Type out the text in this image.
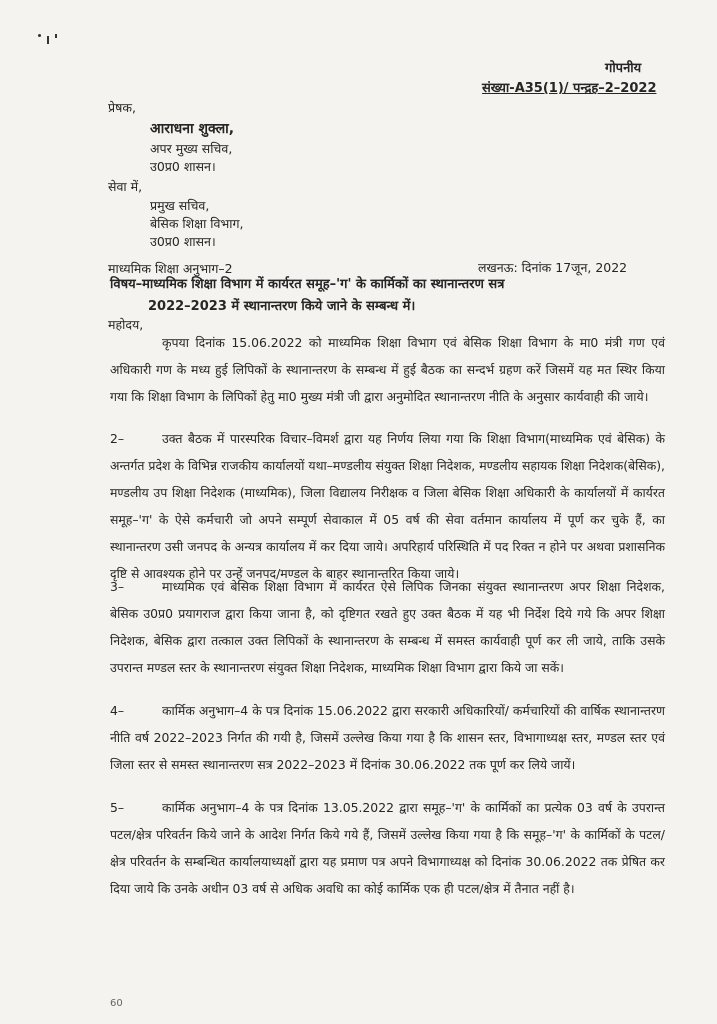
गोपनीय
संख्या-A35(1)/ पन्द्रह–2–2022
प्रेषक,
आराधना शुक्ला,
अपर मुख्य सचिव,
उ0प्र0 शासन।
सेवा में,
प्रमुख सचिव,
बेसिक शिक्षा विभाग,
उ0प्र0 शासन।
माध्यमिक शिक्षा अनुभाग–2	लखनऊ: दिनांक 17जून, 2022
विषय–माध्यमिक शिक्षा विभाग में कार्यरत समूह–'ग' के कार्मिकों का स्थानान्तरण सत्र
2022–2023 में स्थानान्तरण किये जाने के सम्बन्ध में।
महोदय,
कृपया दिनांक 15.06.2022 को माध्यमिक शिक्षा विभाग एवं बेसिक शिक्षा विभाग के मा0 मंत्री गण एवं अधिकारी गण के मध्य हुई लिपिकों के स्थानान्तरण के सम्बन्ध में हुई बैठक का सन्दर्भ ग्रहण करें जिसमें यह मत स्थिर किया गया कि शिक्षा विभाग के लिपिकों हेतु मा0 मुख्य मंत्री जी द्वारा अनुमोदित स्थानान्तरण नीति के अनुसार कार्यवाही की जाये।
2–	उक्त बैठक में पारस्परिक विचार–विमर्श द्वारा यह निर्णय लिया गया कि शिक्षा विभाग(माध्यमिक एवं बेसिक) के अन्तर्गत प्रदेश के विभिन्न राजकीय कार्यालयों यथा–मण्डलीय संयुक्त शिक्षा निदेशक, मण्डलीय सहायक शिक्षा निदेशक(बेसिक), मण्डलीय उप शिक्षा निदेशक (माध्यमिक), जिला विद्यालय निरीक्षक व जिला बेसिक शिक्षा अधिकारी के कार्यालयों में कार्यरत समूह–'ग' के ऐसे कर्मचारी जो अपने सम्पूर्ण सेवाकाल में 05 वर्ष की सेवा वर्तमान कार्यालय में पूर्ण कर चुके हैं, का स्थानान्तरण उसी जनपद के अन्यत्र कार्यालय में कर दिया जाये। अपरिहार्य परिस्थिति में पद रिक्त न होने पर अथवा प्रशासनिक दृष्टि से आवश्यक होने पर उन्हें जनपद/मण्डल के बाहर स्थानान्तरित किया जाये।
3–	माध्यमिक एवं बेसिक शिक्षा विभाग में कार्यरत ऐसे लिपिक जिनका संयुक्त स्थानान्तरण अपर शिक्षा निदेशक, बेसिक उ0प्र0 प्रयागराज द्वारा किया जाना है, को दृष्टिगत रखते हुए उक्त बैठक में यह भी निर्देश दिये गये कि अपर शिक्षा निदेशक, बेसिक द्वारा तत्काल उक्त लिपिकों के स्थानान्तरण के सम्बन्ध में समस्त कार्यवाही पूर्ण कर ली जाये, ताकि उसके उपरान्त मण्डल स्तर के स्थानान्तरण संयुक्त शिक्षा निदेशक, माध्यमिक शिक्षा विभाग द्वारा किये जा सकें।
4–	कार्मिक अनुभाग–4 के पत्र दिनांक 15.06.2022 द्वारा सरकारी अधिकारियों/ कर्मचारियों की वार्षिक स्थानान्तरण नीति वर्ष 2022–2023 निर्गत की गयी है, जिसमें उल्लेख किया गया है कि शासन स्तर, विभागाध्यक्ष स्तर, मण्डल स्तर एवं जिला स्तर से समस्त स्थानान्तरण सत्र 2022–2023 में दिनांक 30.06.2022 तक पूर्ण कर लिये जायें।
5–	कार्मिक अनुभाग–4 के पत्र दिनांक 13.05.2022 द्वारा समूह–'ग' के कार्मिकों का प्रत्येक 03 वर्ष के उपरान्त पटल/क्षेत्र परिवर्तन किये जाने के आदेश निर्गत किये गये हैं, जिसमें उल्लेख किया गया है कि समूह–'ग' के कार्मिकों के पटल/क्षेत्र परिवर्तन के सम्बन्धित कार्यालयाध्यक्षों द्वारा यह प्रमाण पत्र अपने विभागाध्यक्ष को दिनांक 30.06.2022 तक प्रेषित कर दिया जाये कि उनके अधीन 03 वर्ष से अधिक अवधि का कोई कार्मिक एक ही पटल/क्षेत्र में तैनात नहीं है।
60
